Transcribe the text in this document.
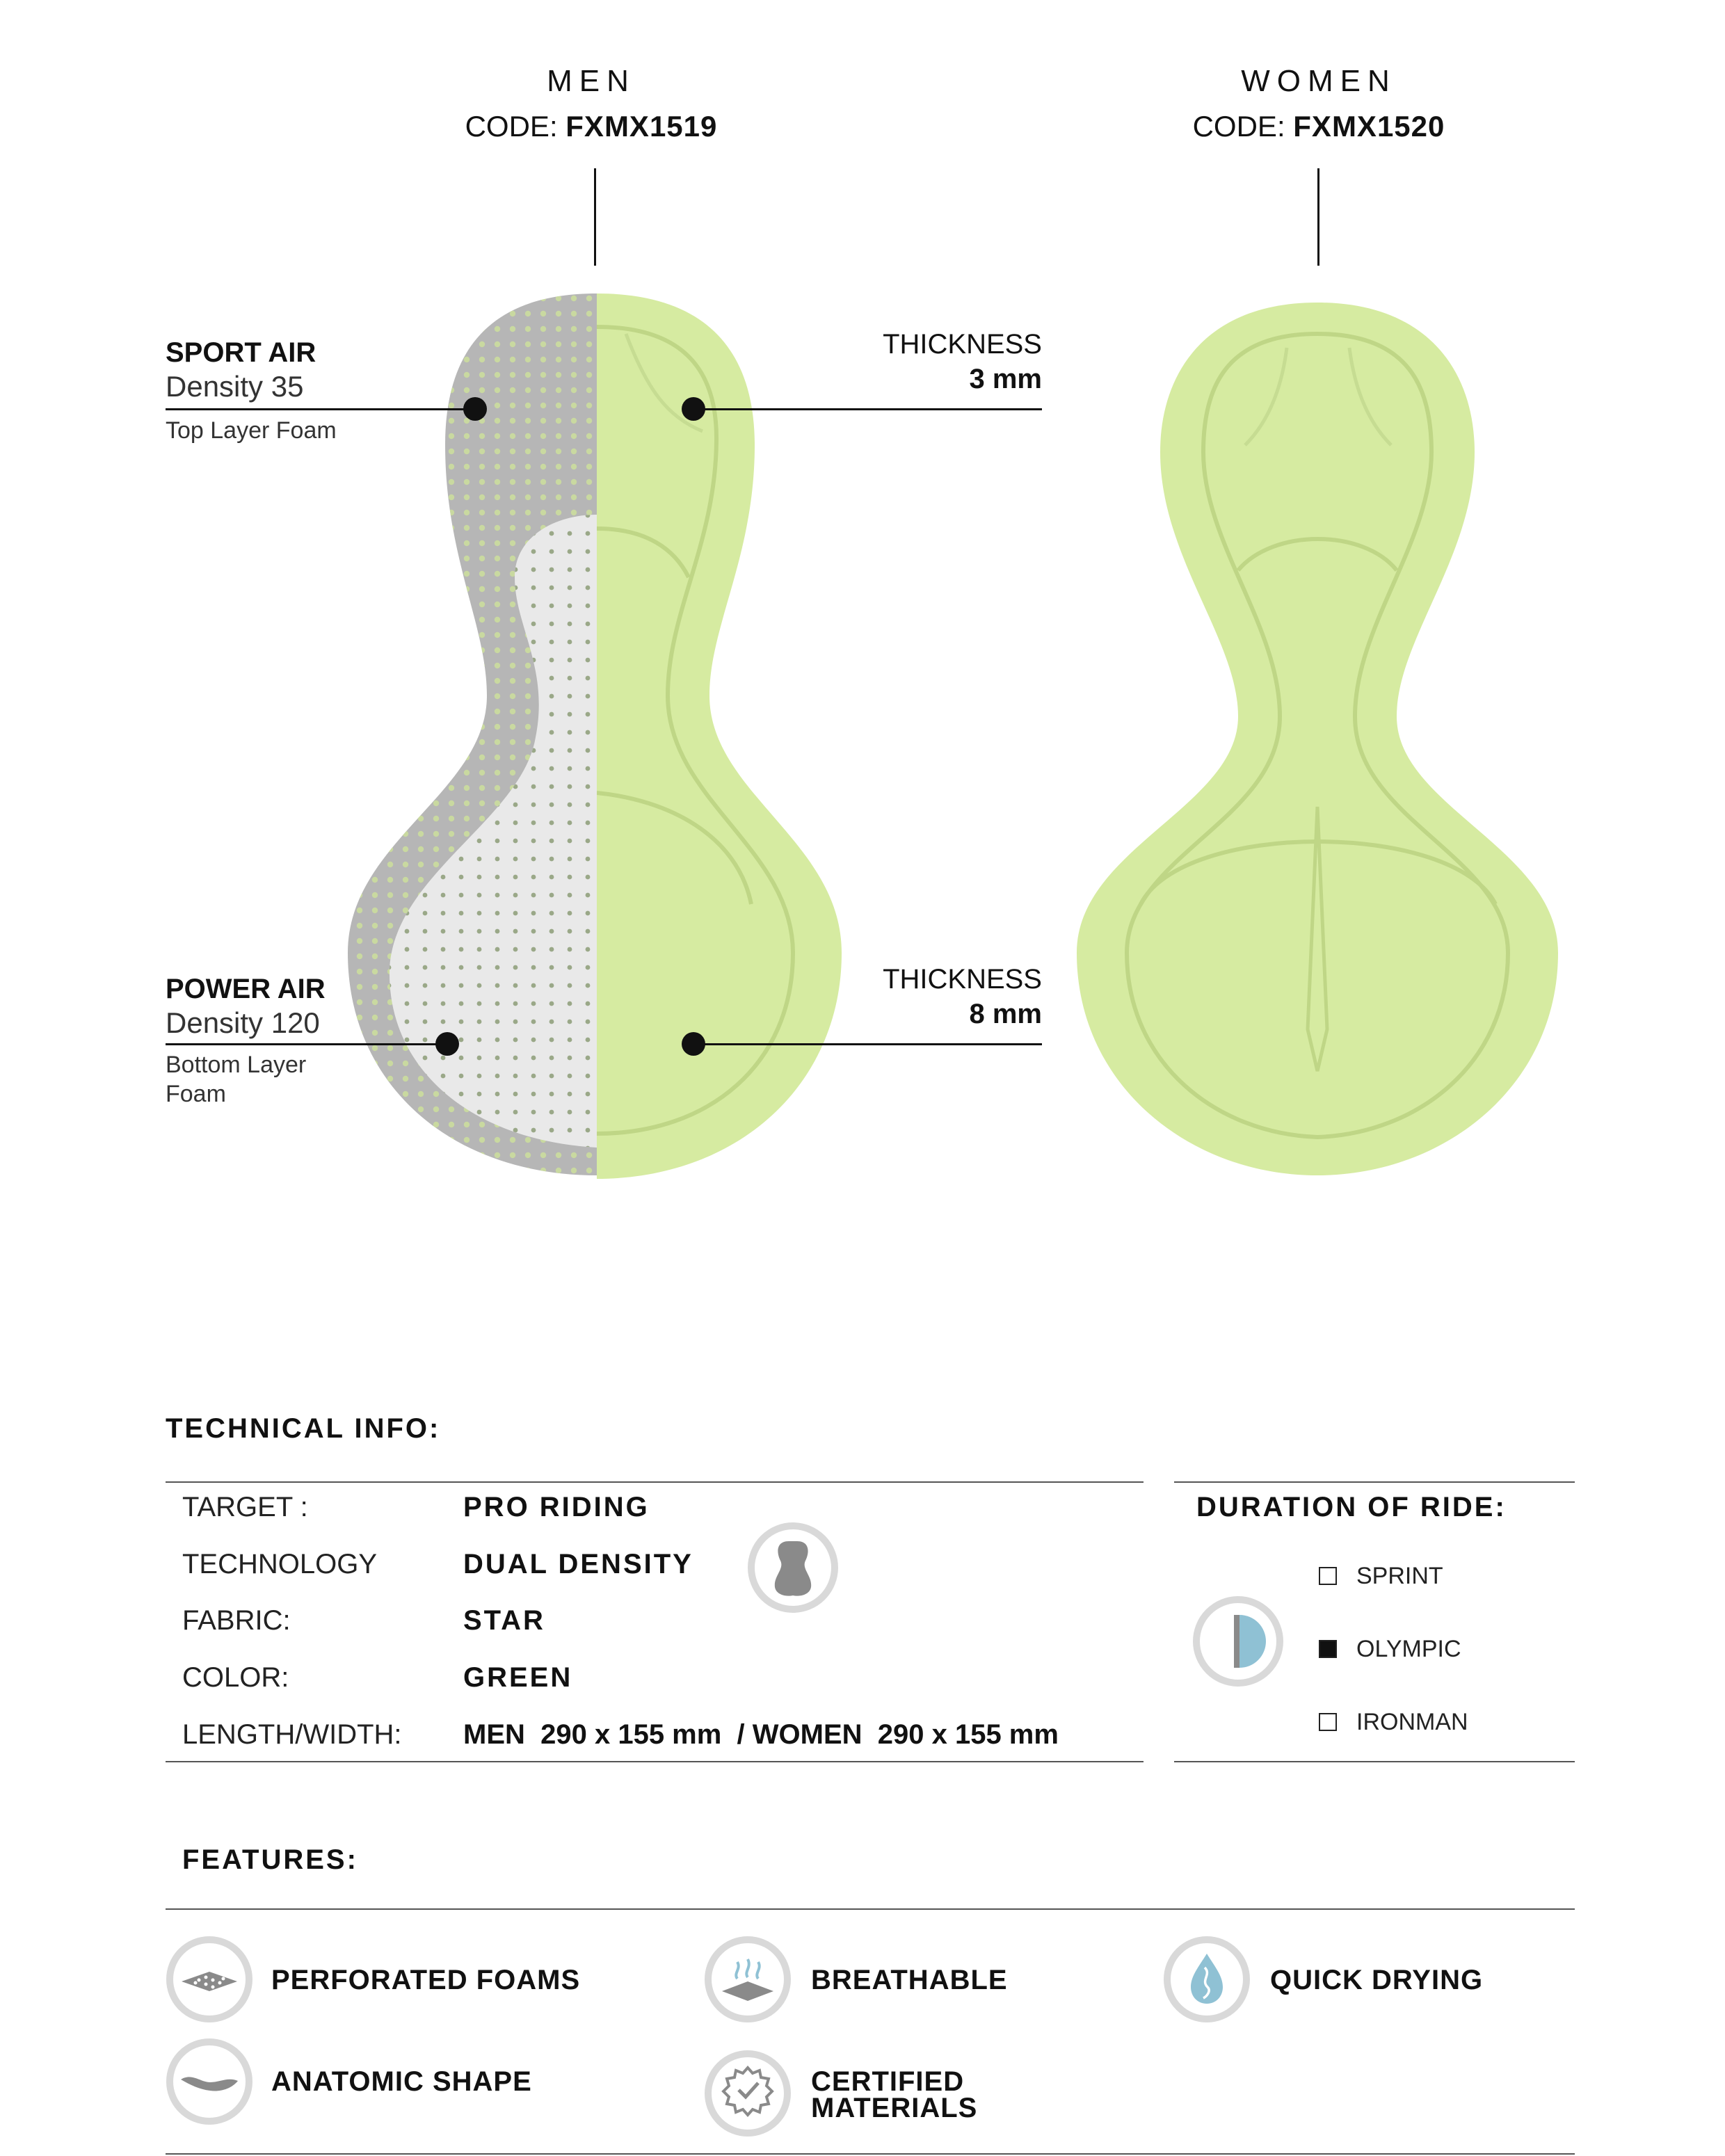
MEN
CODE: FXMX1519
WOMEN
CODE: FXMX1520
SPORT AIR
Density 35
Top Layer Foam
THICKNESS
3 mm
POWER AIR
Density 120
Bottom Layer
Foam
THICKNESS
8 mm
TECHNICAL INFO:
TARGET :	PRO RIDING
TECHNOLOGY	DUAL DENSITY
FABRIC:	STAR
COLOR:	GREEN
LENGTH/WIDTH: MEN  290 x 155 mm  / WOMEN  290 x 155 mm
DURATION OF RIDE:
SPRINT
OLYMPIC
IRONMAN
FEATURES:
PERFORATED FOAMS	BREATHABLE	QUICK DRYING
ANATOMIC SHAPE	CERTIFIED
MATERIALS
